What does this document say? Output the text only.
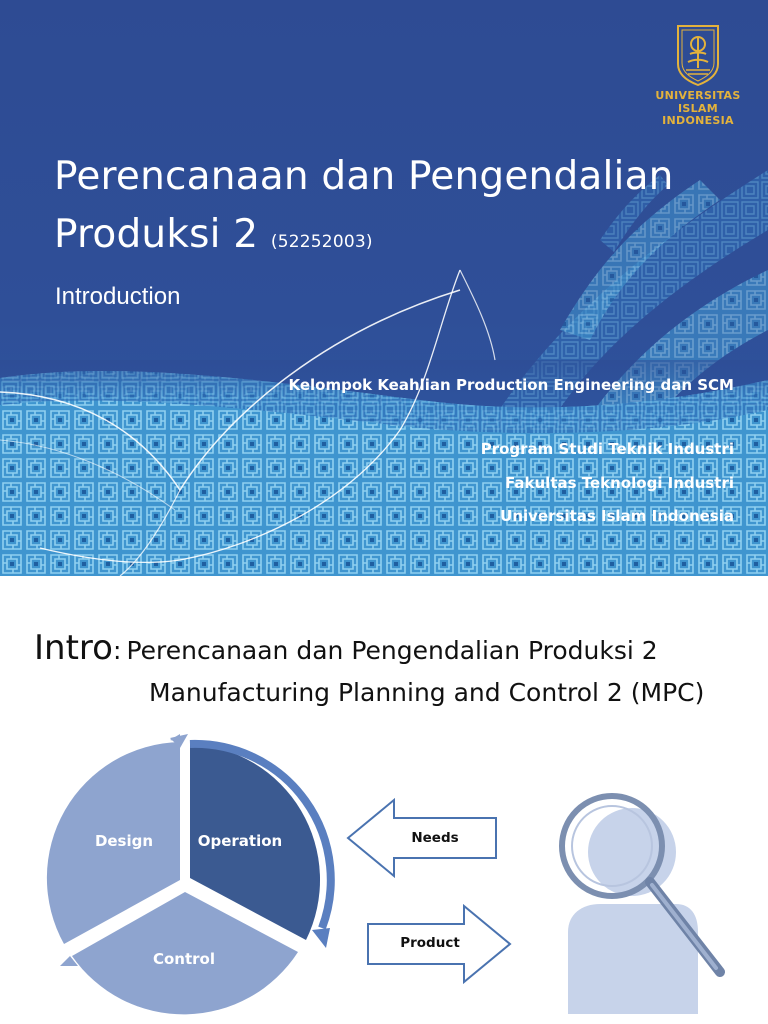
UNIVERSITAS
ISLAM
INDONESIA
Perencanaan dan Pengendalian
Produksi 2 (52252003)
Introduction
Kelompok Keahlian Production Engineering dan SCM
Program Studi Teknik Industri
Fakultas Teknologi Industri
Universitas Islam Indonesia
Intro: Perencanaan dan Pengendalian Produksi 2
Manufacturing Planning and Control 2 (MPC)
Design	Operation
Control
Needs
Product
